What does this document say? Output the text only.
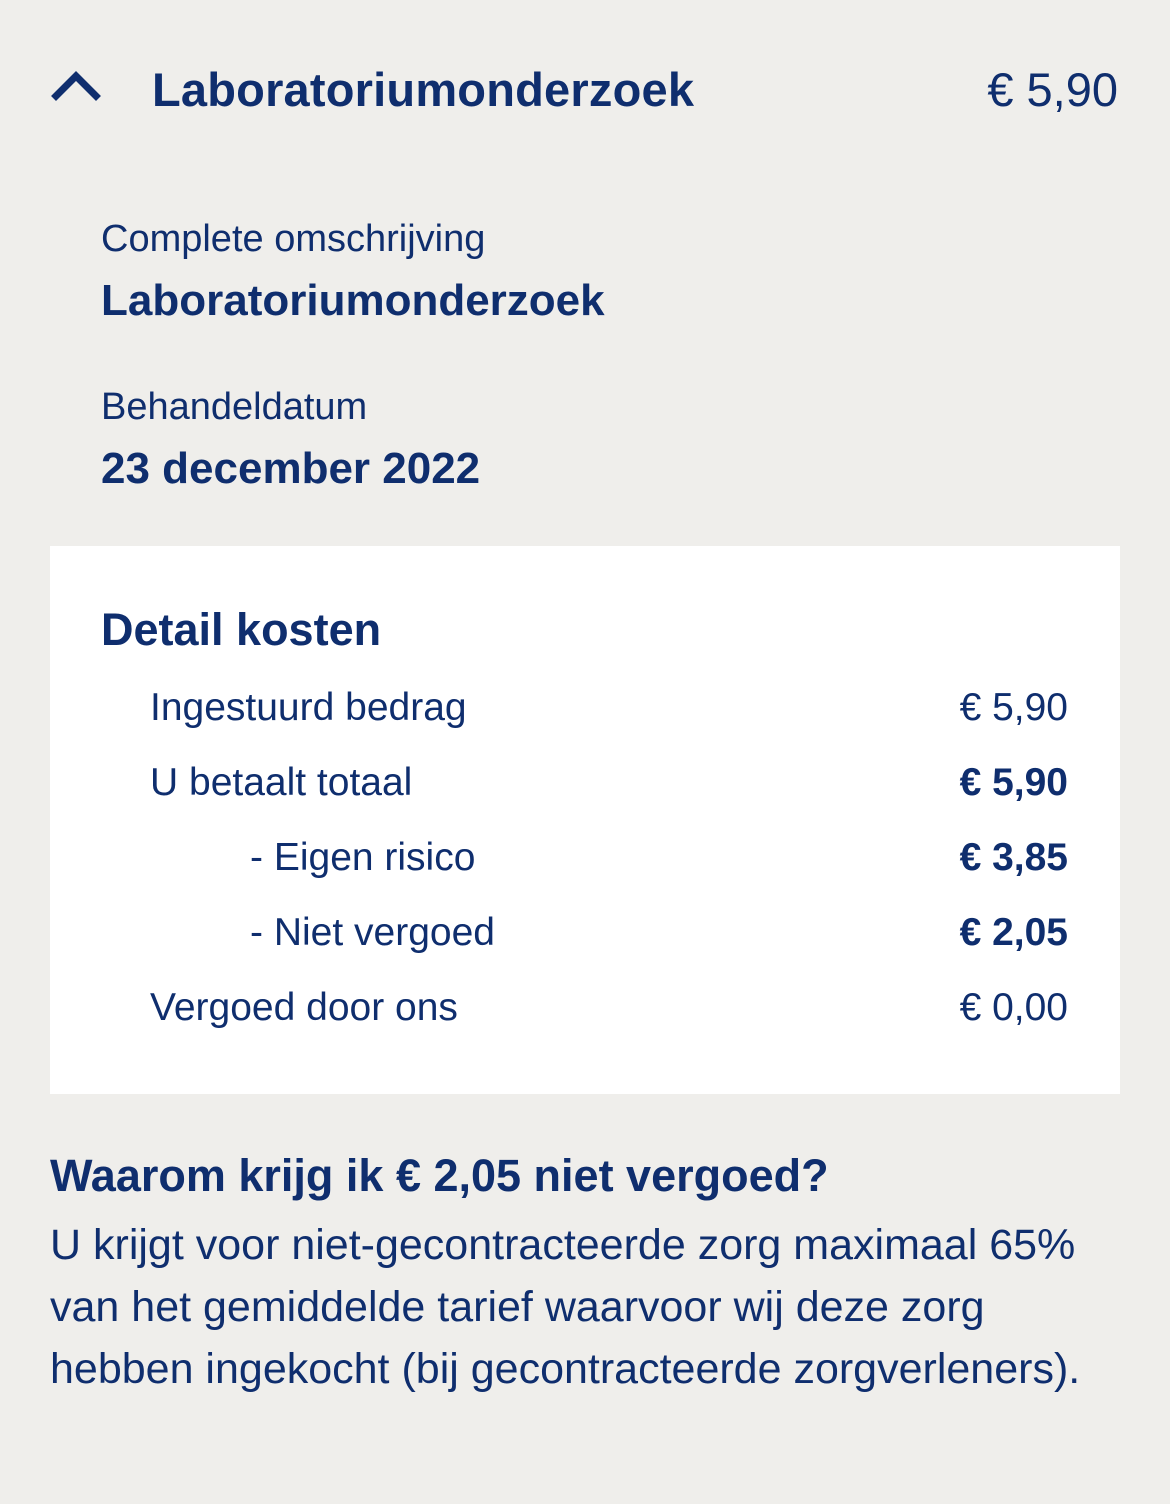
Laboratoriumonderzoek	€ 5,90
Complete omschrijving
Laboratoriumonderzoek
Behandeldatum
23 december 2022
Detail kosten
Ingestuurd bedrag	€ 5,90
U betaalt totaal	€ 5,90
- Eigen risico	€ 3,85
- Niet vergoed	€ 2,05
Vergoed door ons	€ 0,00
Waarom krijg ik € 2,05 niet vergoed?
U krijgt voor niet-gecontracteerde zorg maximaal 65% van het gemiddelde tarief waarvoor wij deze zorg hebben ingekocht (bij gecontracteerde zorgverleners).
